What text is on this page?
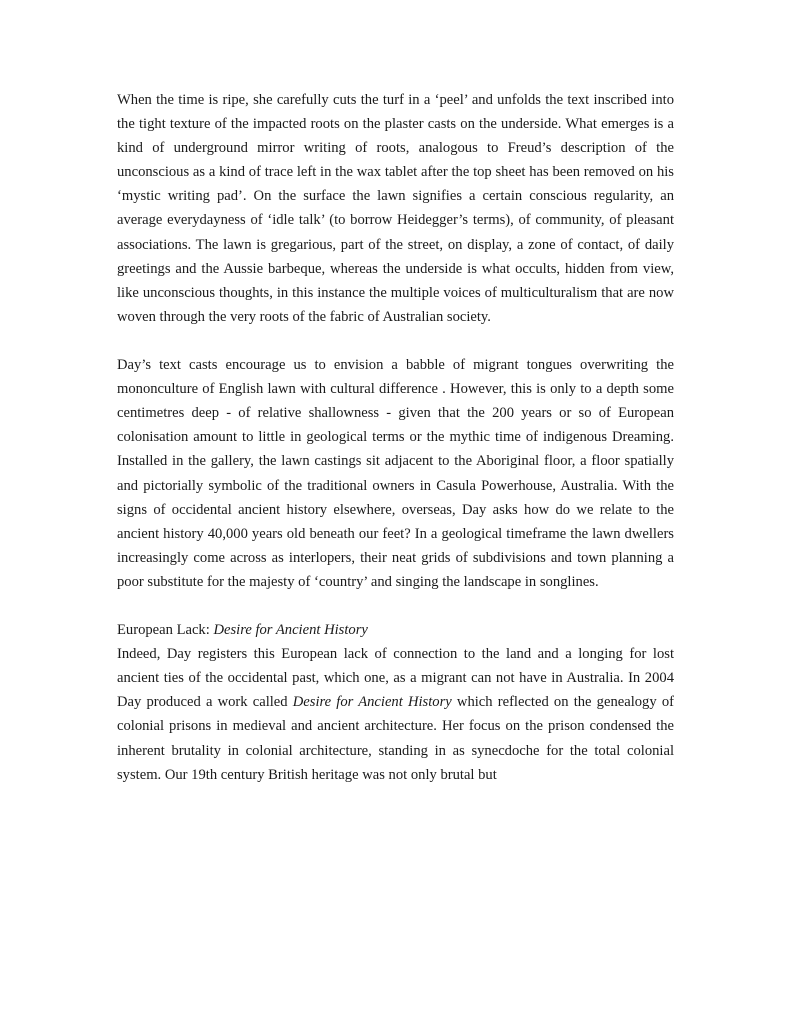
When the time is ripe, she carefully cuts the turf in a ‘peel’ and unfolds the text inscribed into the tight texture of the impacted roots on the plaster casts on the underside. What emerges is a kind of underground mirror writing of roots, analogous to Freud’s description of the unconscious as a kind of trace left in the wax tablet after the top sheet has been removed on his ‘mystic writing pad’. On the surface the lawn signifies a certain conscious regularity, an average everydayness of ‘idle talk’ (to borrow Heidegger’s terms), of community, of pleasant associations. The lawn is gregarious, part of the street, on display, a zone of contact, of daily greetings and the Aussie barbeque, whereas the underside is what occults, hidden from view, like unconscious thoughts, in this instance the multiple voices of multiculturalism that are now woven through the very roots of the fabric of Australian society.

Day’s text casts encourage us to envision a babble of migrant tongues overwriting the mononculture of English lawn with cultural difference . However, this is only to a depth some centimetres deep - of relative shallowness - given that the 200 years or so of European colonisation amount to little in geological terms or the mythic time of indigenous Dreaming. Installed in the gallery, the lawn castings sit adjacent to the Aboriginal floor, a floor spatially and pictorially symbolic of the traditional owners in Casula Powerhouse, Australia. With the signs of occidental ancient history elsewhere, overseas, Day asks how do we relate to the ancient history 40,000 years old beneath our feet? In a geological timeframe the lawn dwellers increasingly come across as interlopers, their neat grids of subdivisions and town planning a poor substitute for the majesty of ‘country’ and singing the landscape in songlines.

European Lack: Desire for Ancient History

Indeed, Day registers this European lack of connection to the land and a longing for lost ancient ties of the occidental past, which one, as a migrant can not have in Australia. In 2004 Day produced a work called Desire for Ancient History which reflected on the genealogy of colonial prisons in medieval and ancient architecture. Her focus on the prison condensed the inherent brutality in colonial architecture, standing in as synecdoche for the total colonial system. Our 19th century British heritage was not only brutal but
